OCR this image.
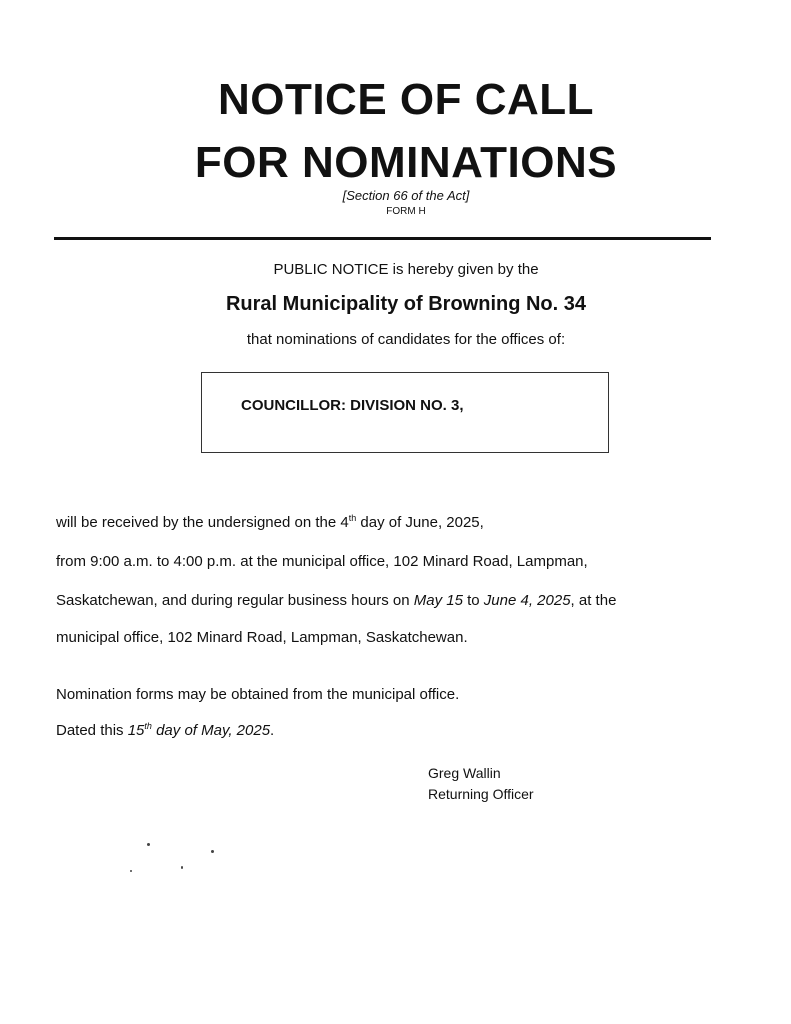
NOTICE OF CALL
FOR NOMINATIONS
[Section 66 of the Act]
FORM H
PUBLIC NOTICE is hereby given by the
Rural Municipality of Browning No. 34
that nominations of candidates for the offices of:
COUNCILLOR: DIVISION NO. 3,
will be received by the undersigned on the 4th day of June, 2025,
from 9:00 a.m. to 4:00 p.m. at the municipal office, 102 Minard Road, Lampman,
Saskatchewan, and during regular business hours on May 15 to June 4, 2025, at the
municipal office, 102 Minard Road, Lampman, Saskatchewan.
Nomination forms may be obtained from the municipal office.
Dated this 15th day of May, 2025.
Greg Wallin
Returning Officer
